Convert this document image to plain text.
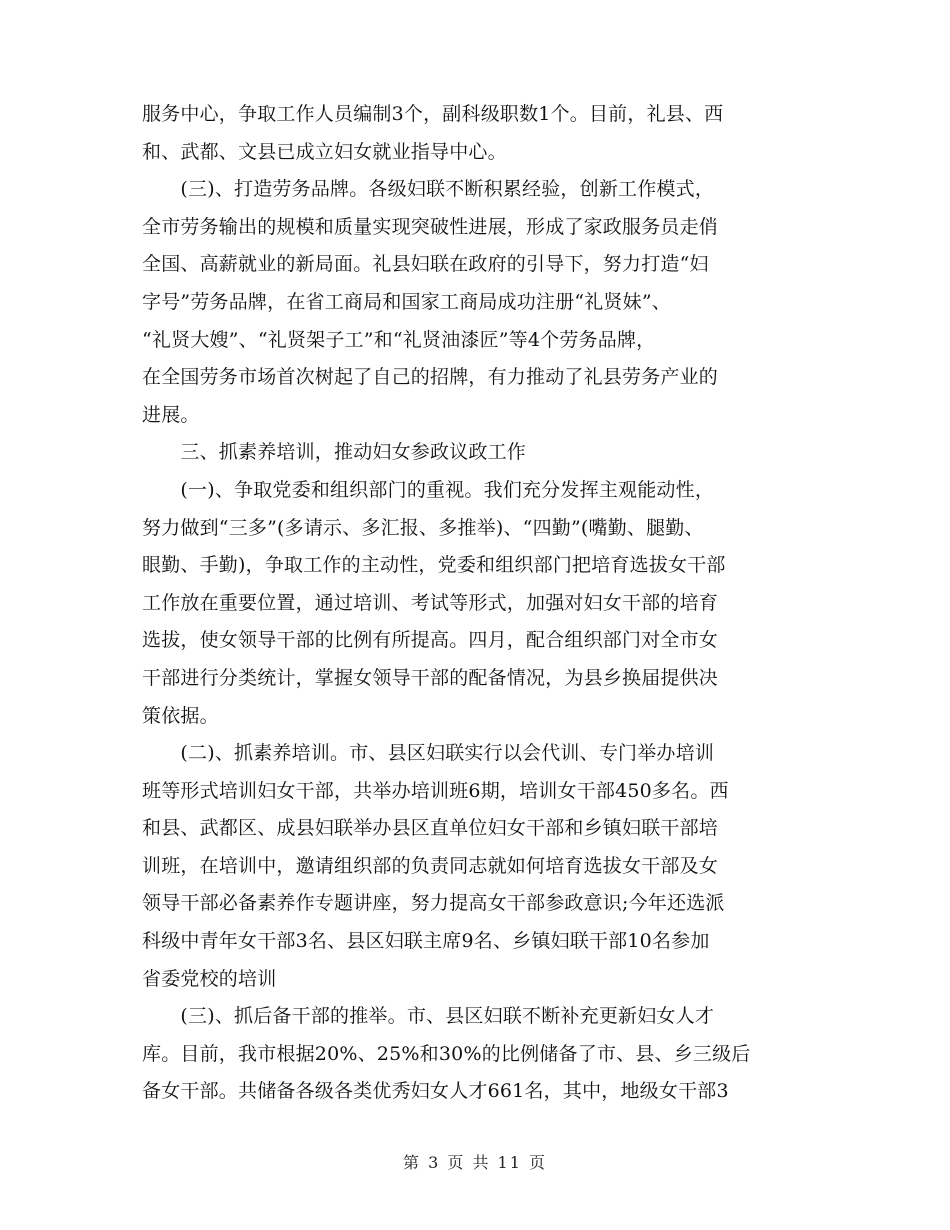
服务中心，争取工作人员编制3个，副科级职数1个。目前，礼县、西
和、武都、文县已成立妇女就业指导中心。
　　(三)、打造劳务品牌。各级妇联不断积累经验，创新工作模式，
全市劳务输出的规模和质量实现突破性进展，形成了家政服务员走俏
全国、高薪就业的新局面。礼县妇联在政府的引导下，努力打造“妇
字号”劳务品牌，在省工商局和国家工商局成功注册“礼贤妹”、
“礼贤大嫂”、“礼贤架子工”和“礼贤油漆匠”等4个劳务品牌，
在全国劳务市场首次树起了自己的招牌，有力推动了礼县劳务产业的
进展。
　　三、抓素养培训，推动妇女参政议政工作
　　(一)、争取党委和组织部门的重视。我们充分发挥主观能动性，
努力做到“三多”(多请示、多汇报、多推举)、“四勤”(嘴勤、腿勤、
眼勤、手勤)，争取工作的主动性，党委和组织部门把培育选拔女干部
工作放在重要位置，通过培训、考试等形式，加强对妇女干部的培育
选拔，使女领导干部的比例有所提高。四月，配合组织部门对全市女
干部进行分类统计，掌握女领导干部的配备情况，为县乡换届提供决
策依据。
　　(二)、抓素养培训。市、县区妇联实行以会代训、专门举办培训
班等形式培训妇女干部，共举办培训班6期，培训女干部450多名。西
和县、武都区、成县妇联举办县区直单位妇女干部和乡镇妇联干部培
训班，在培训中，邀请组织部的负责同志就如何培育选拔女干部及女
领导干部必备素养作专题讲座，努力提高女干部参政意识;今年还选派
科级中青年女干部3名、县区妇联主席9名、乡镇妇联干部10名参加
省委党校的培训
　　(三)、抓后备干部的推举。市、县区妇联不断补充更新妇女人才
库。目前，我市根据20%、25%和30%的比例储备了市、县、乡三级后
备女干部。共储备各级各类优秀妇女人才661名，其中，地级女干部3
第 3 页 共 11 页
